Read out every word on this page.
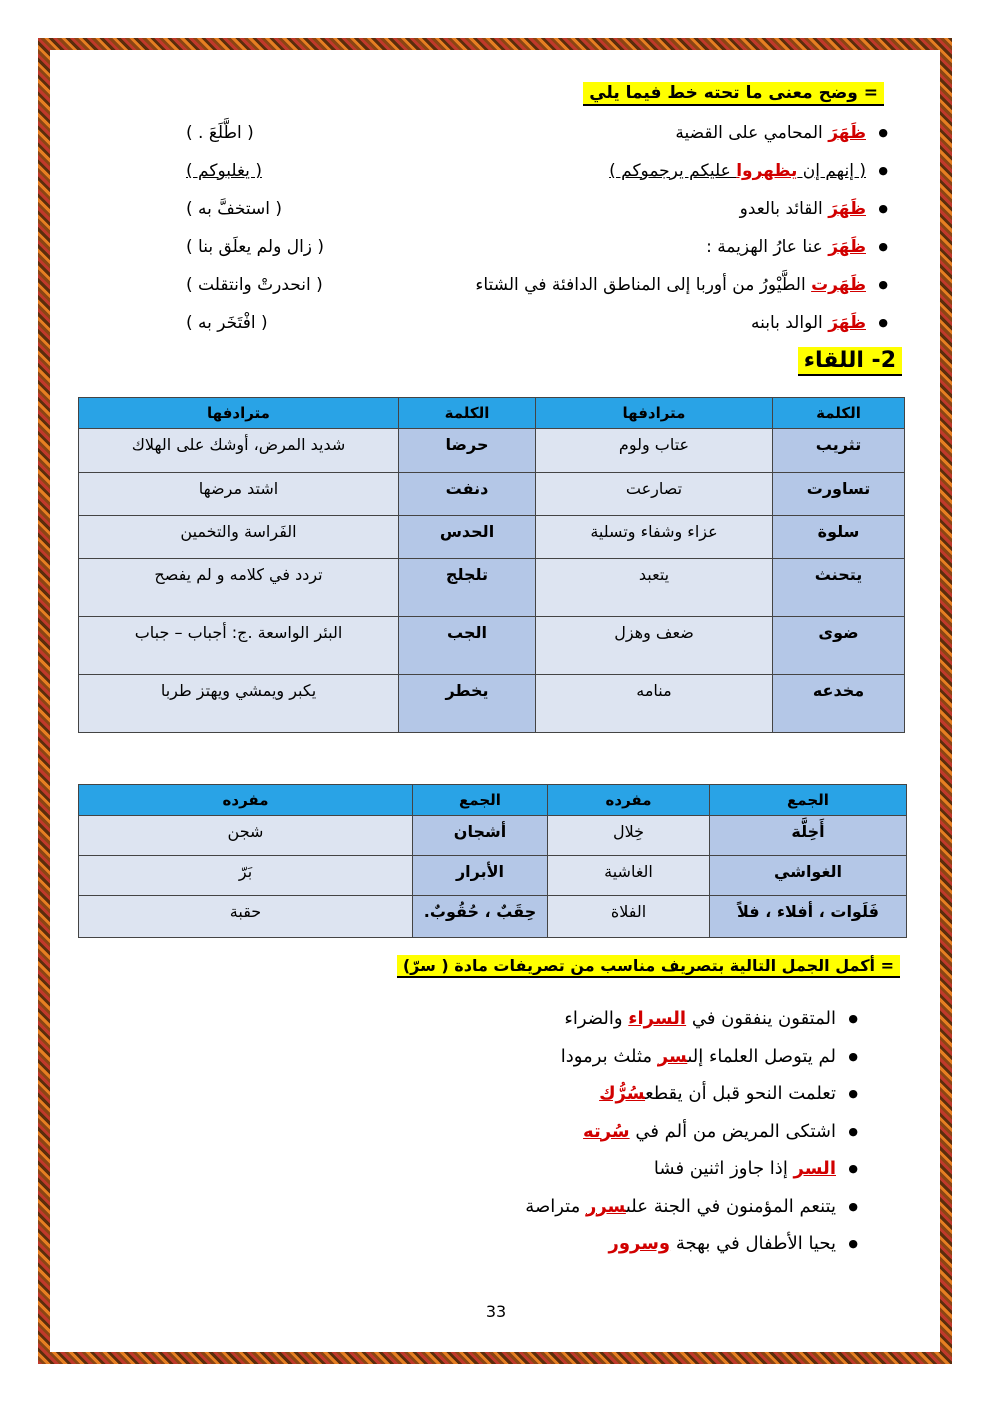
= وضح معنى ما تحته خط فيما يلي
● ظَهَرَ المحامي على القضية
( اطَّلَعَ . )
● ( إنهم إن يظهروا عليكم يرجموكم )
( يغلبوكم )
● ظَهَرَ القائد بالعدو
( استخفَّ به )
● ظَهَرَ عنا عارُ الهزيمة :
( زال ولم يعلَق بنا )
● ظَهَرت الطَّيْورُ من أوربا إلى المناطق الدافئة في الشتاء
( انحدرتْ وانتقلت )
● ظَهَرَ الوالد بابنه
( افْتَخَر به )
2- اللقاء
الكلمة	مترادفها	الكلمة	مترادفها
تثريب	عتاب ولوم	حرضا	شديد المرض، أوشك على الهلاك
تساورت	تصارعت	دنفت	اشتد مرضها
سلوة	عزاء وشفاء وتسلية	الحدس	الفَراسة والتخمين
يتحنث	يتعبد	تلجلج	تردد في كلامه و لم يفصح
ضوى	ضعف وهزل	الجب	البئر الواسعة .ج: أجباب – جباب
مخدعه	منامه	يخطر	يكبر ويمشي ويهتز طربا
الجمع	مفرده	الجمع	مفرده
أَخِلَّة	خِلال	أشجان	شجن
الغواشي	الغاشية	الأبرار	بَرّ
فَلَوات ، أفلاء ، فلاً	الفلاة	حِقَبٌ ، حُقُوبٌ.	حقبة
= أكمل الجمل التالية بتصريف مناسب من تصريفات مادة ( سرّ)
● المتقون ينفقون في السراء والضراء
● لم يتوصل العلماء إلىسر مثلث برمودا
● تعلمت النحو قبل أن يقطعسُرُّك
● اشتكى المريض من ألم في سُرته
● السر إذا جاوز اثنين فشا
● يتنعم المؤمنون في الجنة علىسرر متراصة
● يحيا الأطفال في بهجة وسرور
33
